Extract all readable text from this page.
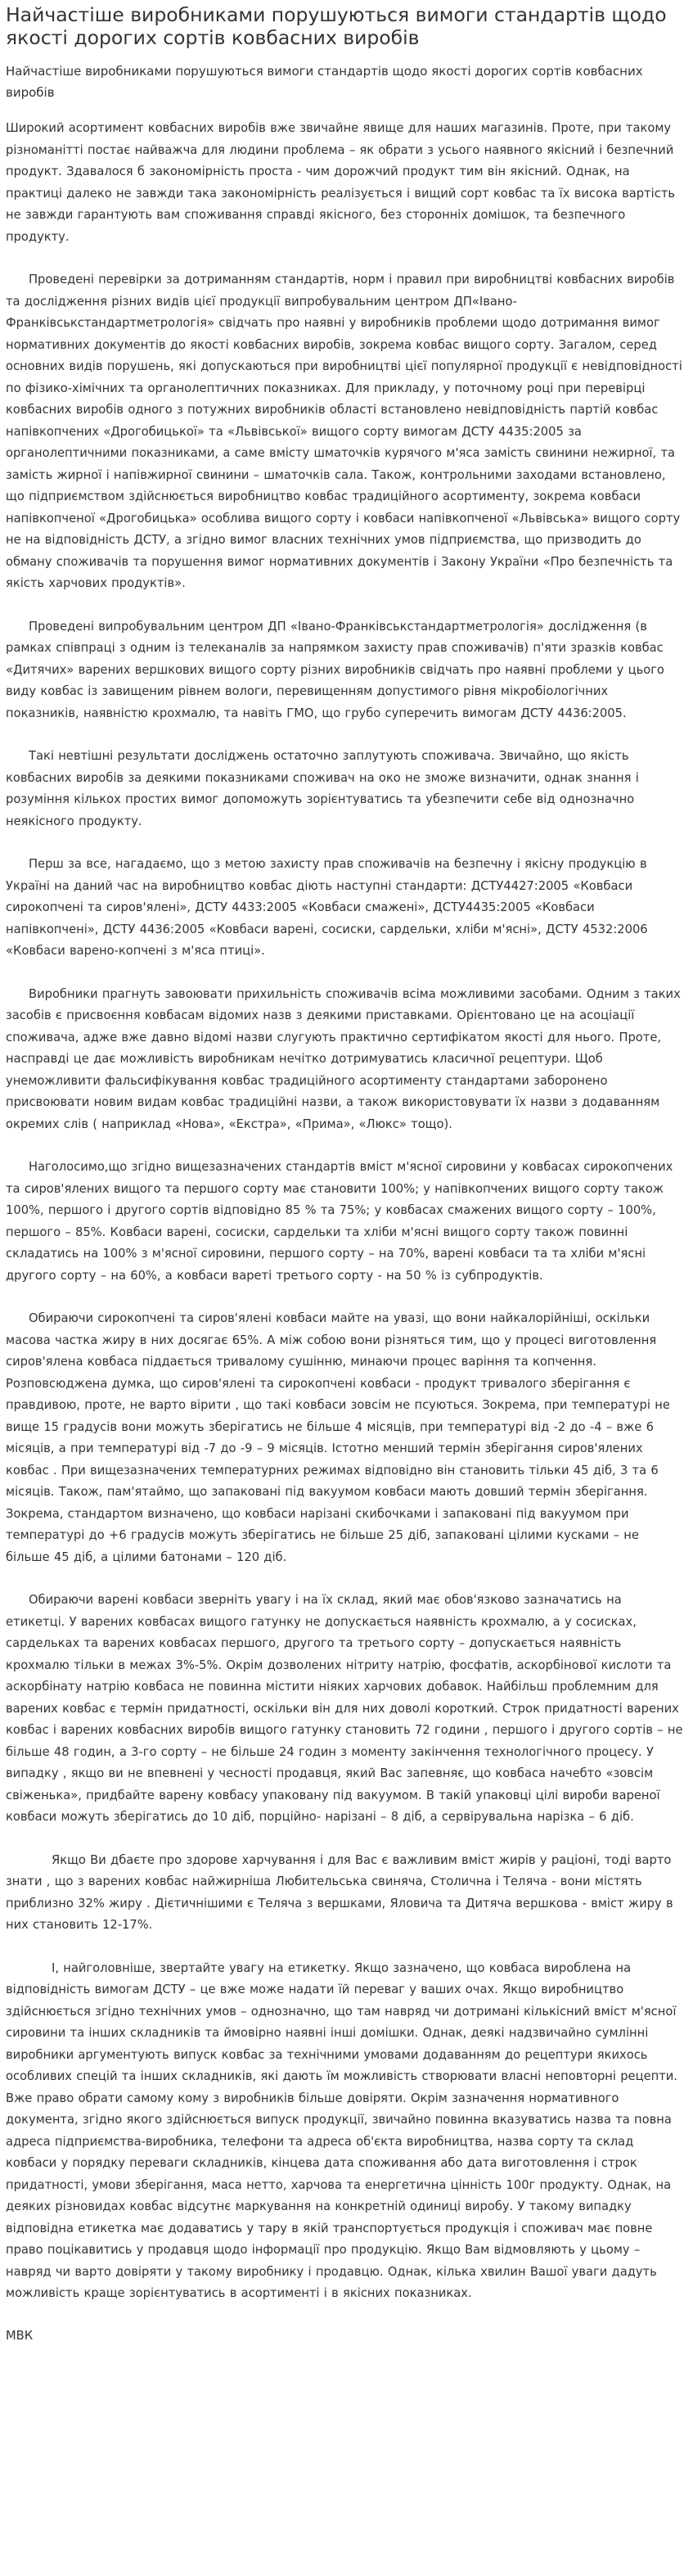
Найчастіше виробниками порушуються вимоги стандартів щодо якості дорогих сортів ковбасних виробів
Найчастіше виробниками порушуються вимоги стандартів щодо якості дорогих сортів ковбасних виробів

Широкий асортимент ковбасних виробів вже звичайне явище для наших магазинів. Проте, при такому різноманітті постає найважча для людини проблема – як обрати з усього наявного якісний і безпечний продукт. Здавалося б закономірність проста - чим дорожчий продукт тим він якісний. Однак, на практиці далеко не завжди така закономірність реалізується і вищий сорт ковбас та їх висока вартість не завжди гарантують вам споживання справді якісного, без сторонніх домішок, та безпечного продукту.

Проведені перевірки за дотриманням стандартів, норм і правил при виробництві ковбасних виробів та дослідження різних видів цієї продукції випробувальним центром ДП«Івано-Франківськстандартметрологія» свідчать про наявні у виробників проблеми щодо дотримання вимог нормативних документів до якості ковбасних виробів, зокрема ковбас вищого сорту. Загалом, серед основних видів порушень, які допускаються при виробництві цієї популярної продукції є невідповідності по фізико-хімічних та органолептичних показниках. Для прикладу, у поточному році при перевірці ковбасних виробів одного з потужних виробників області встановлено невідповідність партій ковбас напівкопчених «Дрогобицької» та «Львівської» вищого сорту вимогам ДСТУ 4435:2005 за органолептичними показниками, а саме вмісту шматочків курячого м'яса замість свинини нежирної, та замість жирної і напівжирної свинини – шматочків сала. Також, контрольними заходами встановлено, що підприємством здійснюється виробництво ковбас традиційного асортименту, зокрема ковбаси напівкопченої «Дрогобицька» особлива вищого сорту і ковбаси напівкопченої «Львівська» вищого сорту не на відповідність ДСТУ, а згідно вимог власних технічних умов підприємства, що призводить до обману споживачів та порушення вимог нормативних документів і Закону України «Про безпечність та якість харчових продуктів».

Проведені випробувальним центром ДП «Івано-Франківськстандартметрологія» дослідження (в рамках співпраці з одним із телеканалів за напрямком захисту прав споживачів) п'яти зразків ковбас «Дитячих» варених вершкових вищого сорту різних виробників свідчать про наявні проблеми у цього виду ковбас із завищеним рівнем вологи, перевищенням допустимого рівня мікробіологічних показників, наявністю крохмалю, та навіть ГМО, що грубо суперечить вимогам ДСТУ 4436:2005.

Такі невтішні результати досліджень остаточно заплутують споживача. Звичайно, що якість ковбасних виробів за деякими показниками споживач на око не зможе визначити, однак знання і розуміння кількох простих вимог допоможуть зорієнтуватись та убезпечити себе від однозначно неякісного продукту.

Перш за все, нагадаємо, що з метою захисту прав споживачів на безпечну і якісну продукцію в Україні на даний час на виробництво ковбас діють наступні стандарти: ДСТУ4427:2005 «Ковбаси сирокопчені та сиров'ялені», ДСТУ 4433:2005 «Ковбаси смажені», ДСТУ4435:2005 «Ковбаси напівкопчені», ДСТУ 4436:2005 «Ковбаси варені, сосиски, сардельки, хліби м'ясні», ДСТУ 4532:2006 «Ковбаси варено-копчені з м'яса птиці».

Виробники прагнуть завоювати прихильність споживачів всіма можливими засобами. Одним з таких засобів є присвоєння ковбасам відомих назв з деякими приставками. Орієнтовано це на асоціації споживача, адже вже давно відомі назви слугують практично сертифікатом якості для нього. Проте, насправді це дає можливість виробникам нечітко дотримуватись класичної рецептури. Щоб унеможливити фальсифікування ковбас традиційного асортименту стандартами заборонено присвоювати новим видам ковбас традиційні назви, а також використовувати їх назви з додаванням окремих слів ( наприклад «Нова», «Екстра», «Прима», «Люкс» тощо).

Наголосимо,що згідно вищезазначених стандартів вміст м'ясної сировини у ковбасах сирокопчених та сиров'ялених вищого та першого сорту має становити 100%; у напівкопчених вищого сорту також 100%, першого і другого сортів відповідно 85 % та 75%; у ковбасах смажених вищого сорту – 100%, першого – 85%. Ковбаси варені, сосиски, сардельки та хліби м'ясні вищого сорту також повинні складатись на 100% з м'ясної сировини, першого сорту – на 70%, варені ковбаси та та хліби м'ясні другого сорту – на 60%, а ковбаси вареті третього сорту - на 50 % із субпродуктів.

Обираючи сирокопчені та сиров'ялені ковбаси майте на увазі, що вони найкалорійніші, оскільки масова частка жиру в них досягає 65%. А між собою вони різняться тим, що у процесі виготовлення сиров'ялена ковбаса піддається тривалому сушінню, минаючи процес варіння та копчення. Розповсюджена думка, що сиров'ялені та сирокопчені ковбаси - продукт тривалого зберігання є правдивою, проте, не варто вірити , що такі ковбаси зовсім не псуються. Зокрема, при температурі не вище 15 градусів вони можуть зберігатись не більше 4 місяців, при температурі від -2 до -4 – вже 6 місяців, а при температурі від -7 до -9 – 9 місяців. Істотно менший термін зберігання сиров'ялених ковбас . При вищезазначених температурних режимах відповідно він становить тільки 45 діб, 3 та 6 місяців. Також, пам'ятаймо, що запаковані під вакуумом ковбаси мають довший термін зберігання. Зокрема, стандартом визначено, що ковбаси нарізані скибочками і запаковані під вакуумом при температурі до +6 градусів можуть зберігатись не більше 25 діб, запаковані цілими кусками – не більше 45 діб, а цілими батонами – 120 діб.

Обираючи варені ковбаси зверніть увагу і на їх склад, який має обов'язково зазначатись на етикетці. У варених ковбасах вищого гатунку не допускається наявність крохмалю, а у сосисках, сардельках та варених ковбасах першого, другого та третього сорту – допускається наявність крохмалю тільки в межах 3%-5%. Окрім дозволених нітриту натрію, фосфатів, аскорбінової кислоти та аскорбінату натрію ковбаса не повинна містити ніяких харчових добавок. Найбільш проблемним для варених ковбас є термін придатності, оскільки він для них доволі короткий. Строк придатності варених ковбас і варених ковбасних виробів вищого гатунку становить 72 години , першого і другого сортів – не більше 48 годин, а 3-го сорту – не більше 24 годин з моменту закінчення технологічного процесу. У випадку , якщо ви не впевнені у чесності продавця, який Вас запевняє, що ковбаса начебто «зовсім свіженька», придбайте варену ковбасу упаковану під вакуумом. В такій упаковці цілі вироби вареної ковбаси можуть зберігатись до 10 діб, порційно- нарізані – 8 діб, а сервірувальна нарізка – 6 діб.

Якщо Ви дбаєте про здорове харчування і для Вас є важливим вміст жирів у раціоні, тоді варто знати , що з варених ковбас найжирніша Любительська свиняча, Столична і Телячa - вони містять приблизно 32% жиру . Дієтичнішими є Теляча з вершками, Яловича та Дитяча вершкова - вміст жиру в них становить 12-17%.

І, найголовніше, звертайте увагу на етикетку. Якщо зазначено, що ковбаса вироблена на відповідність вимогам ДСТУ – це вже може надати їй переваг у ваших очах. Якщо виробництво здійснюється згідно технічних умов – однозначно, що там навряд чи дотримані кількісний вміст м'ясної сировини та інших складників та ймовірно наявні інші домішки. Однак, деякі надзвичайно сумлінні виробники аргументують випуск ковбас за технічними умовами додаванням до рецептури якихось особливих спецій та інших складників, які дають їм можливість створювати власні неповторні рецепти. Вже право обрати самому кому з виробників більше довіряти. Окрім зазначення нормативного документа, згідно якого здійснюється випуск продукції, звичайно повинна вказуватись назва та повна адреса підприємства-виробника, телефони та адреса об'єкта виробництва, назва сорту та склад ковбаси у порядку переваги складників, кінцева дата споживання або дата виготовлення і строк придатності, умови зберігання, маса нетто, харчова та енергетична цінність 100г продукту. Однак, на деяких різновидах ковбас відсутнє маркування на конкретній одиниці виробу. У такому випадку відповідна етикетка має додаватись у тару в якій транспортується продукція і споживач має повне право поцікавитись у продавця щодо інформації про продукцію. Якщо Вам відмовляють у цьому – навряд чи варто довіряти у такому виробнику і продавцю. Однак, кілька хвилин Вашої уваги дадуть можливість краще зорієнтуватись в асортименті і в якісних показниках.

МВК
